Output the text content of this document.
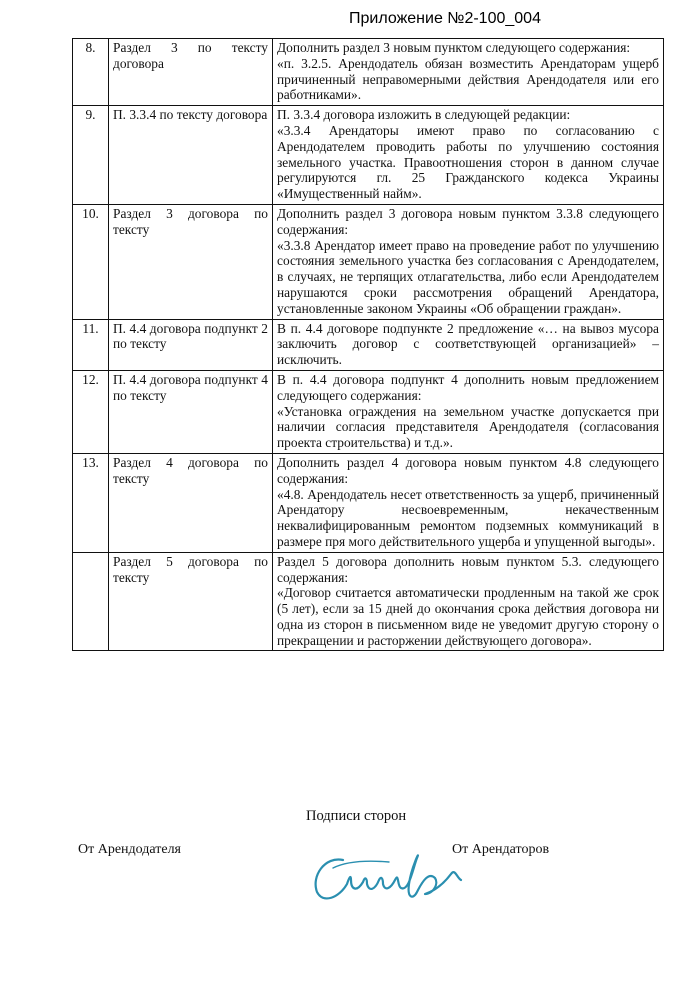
Приложение №2-100_004
8.	Раздел 3 по тексту договора	Дополнить раздел 3 новым пунктом следующего содержания:
«п. 3.2.5. Арендодатель обязан возместить Арендаторам ущерб причиненный неправомерными действия Арендодателя или его работниками».

9.	П. 3.3.4 по тексту договора	П. 3.3.4 договора изложить в следующей редакции:
«3.3.4 Арендаторы имеют право по согласованию с Арендодателем проводить работы по улучшению состояния земельного участка. Правоотношения сторон в данном случае регулируются гл. 25 Гражданского кодекса Украины «Имущественный найм».

10.	Раздел 3 договора по тексту	Дополнить раздел 3 договора новым пунктом 3.3.8 следующего содержания:
«3.3.8 Арендатор имеет право на проведение работ по улучшению состояния земельного участка без согласования с Арендодателем, в случаях, не терпящих отлагательства, либо если Арендодателем нарушаются сроки рассмотрения обращений Арендатора, установленные законом Украины «Об обращении граждан».

11.	П. 4.4 договора подпункт 2 по тексту	В п. 4.4 договоре подпункте 2 предложение «… на вывоз мусора заключить договор с соответствующей организацией» – исключить.

12.	П. 4.4 договора подпункт 4 по тексту	В п. 4.4 договора подпункт 4 дополнить новым предложением следующего содержания:
«Установка ограждения на земельном участке допускается при наличии согласия представителя Арендодателя (согласования проекта строительства) и т.д.».

13.	Раздел 4 договора по тексту	Дополнить раздел 4 договора новым пунктом 4.8 следующего содержания:
«4.8. Арендодатель несет ответственность за ущерб, причиненный Арендатору несвоевременным, некачественным неквалифицированным ремонтом подземных коммуникаций в размере пря могo действительного ущерба и упущенной выгоды».

	Раздел 5 договора по тексту	Раздел 5 договора дополнить новым пунктом 5.3. следующего содержания:
«Договор считается автоматически продленным на такой же срок (5 лет), если за 15 дней до окончания срока действия договора ни одна из сторон в письменном виде не уведомит другую сторону о прекращении и расторжении действующего договора».
Подписи сторон
От Арендодателя	От Арендаторов
